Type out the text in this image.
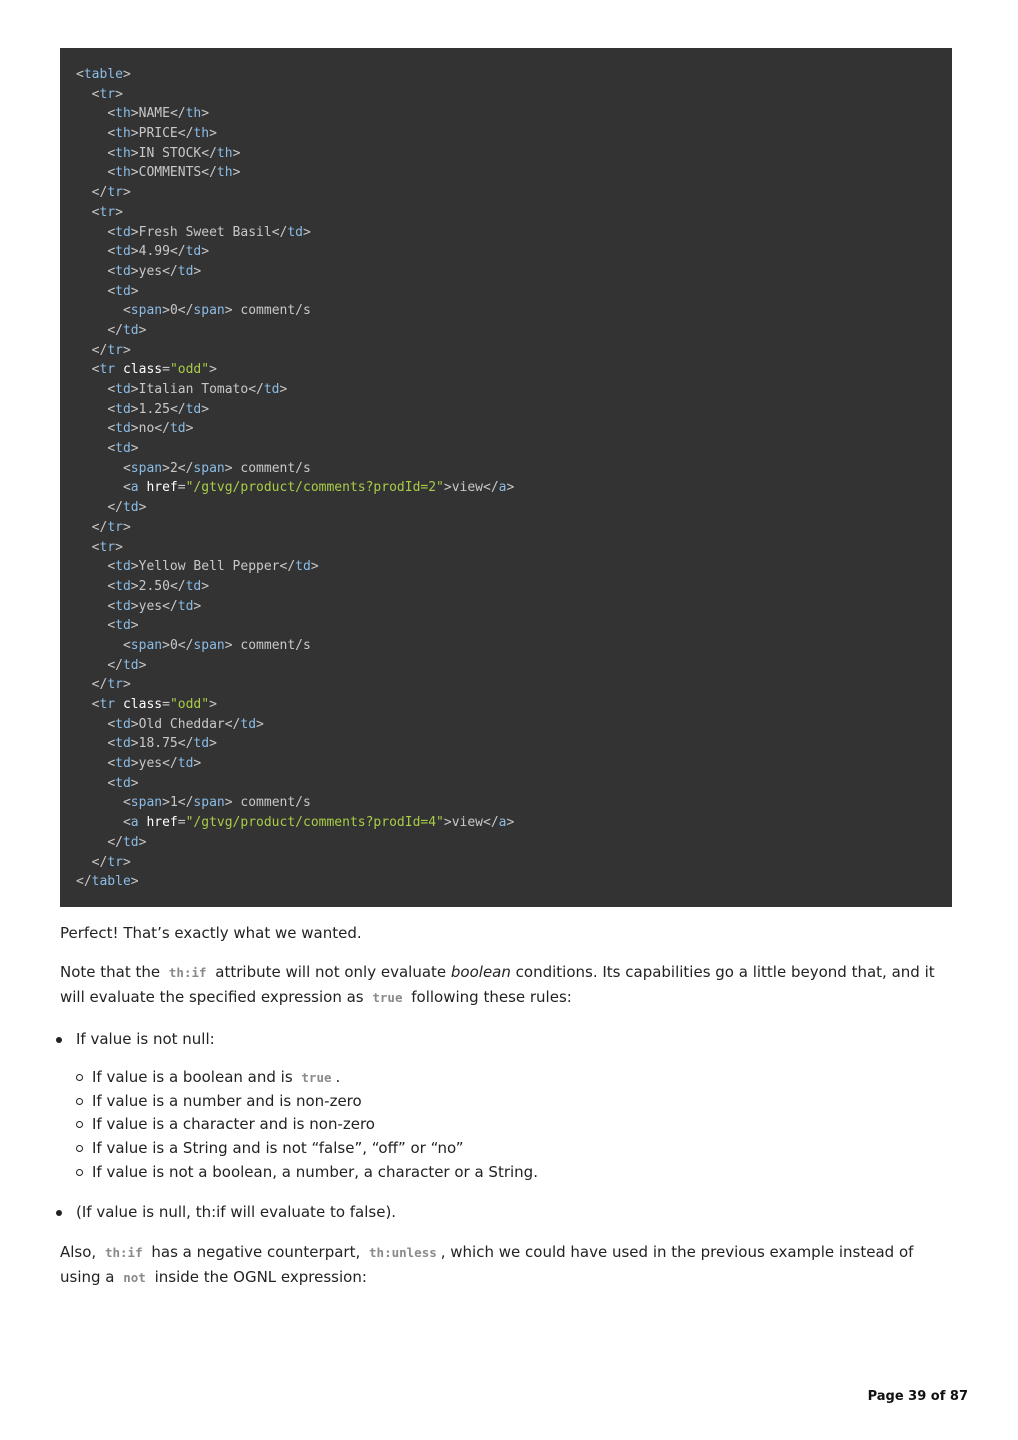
<table>
<tr>
<th>NAME</th>
<th>PRICE</th>
<th>IN STOCK</th>
<th>COMMENTS</th>
</tr>
<tr>
<td>Fresh Sweet Basil</td>
<td>4.99</td>
<td>yes</td>
<td>
<span>0</span> comment/s
</td>
</tr>
<tr class="odd">
<td>Italian Tomato</td>
<td>1.25</td>
<td>no</td>
<td>
<span>2</span> comment/s
<a href="/gtvg/product/comments?prodId=2">view</a>
</td>
</tr>
<tr>
<td>Yellow Bell Pepper</td>
<td>2.50</td>
<td>yes</td>
<td>
<span>0</span> comment/s
</td>
</tr>
<tr class="odd">
<td>Old Cheddar</td>
<td>18.75</td>
<td>yes</td>
<td>
<span>1</span> comment/s
<a href="/gtvg/product/comments?prodId=4">view</a>
</td>
</tr>
</table>

Perfect! That’s exactly what we wanted.

Note that the th:if attribute will not only evaluate boolean conditions. Its capabilities go a little beyond that, and it will evaluate the specified expression as true following these rules:

If value is not null:
If value is a boolean and is true .
If value is a number and is non-zero
If value is a character and is non-zero
If value is a String and is not “false”, “off” or “no”
If value is not a boolean, a number, a character or a String.
(If value is null, th:if will evaluate to false).

Also, th:if has a negative counterpart, th:unless , which we could have used in the previous example instead of using a not inside the OGNL expression:

Page 39 of 87
